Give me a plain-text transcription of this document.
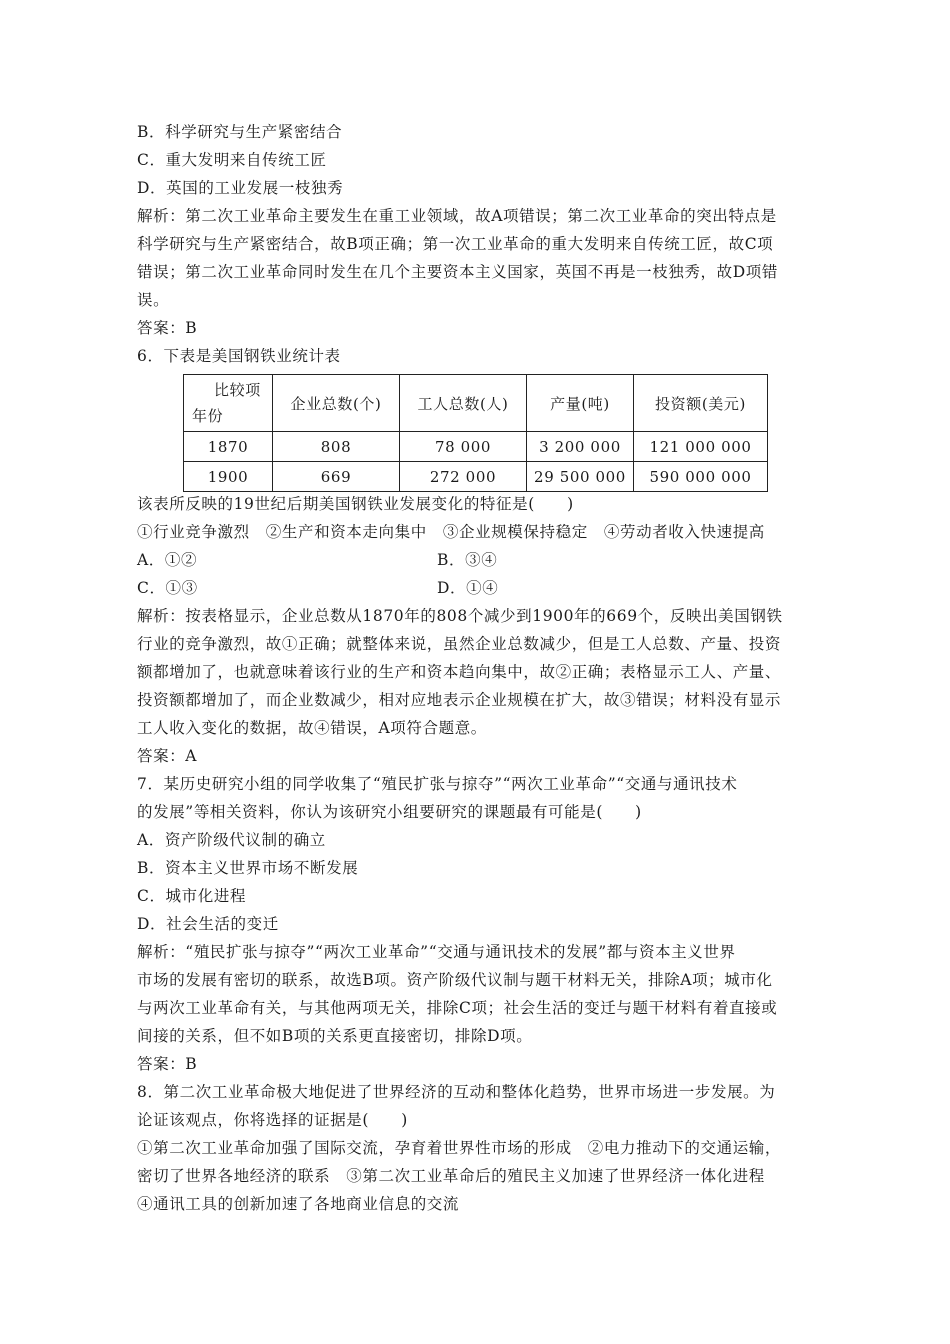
B．科学研究与生产紧密结合
C．重大发明来自传统工匠
D．英国的工业发展一枝独秀
解析：第二次工业革命主要发生在重工业领域，故A项错误；第二次工业革命的突出特点是
科学研究与生产紧密结合，故B项正确；第一次工业革命的重大发明来自传统工匠，故C项
错误；第二次工业革命同时发生在几个主要资本主义国家，英国不再是一枝独秀，故D项错
误。
答案：B
6．下表是美国钢铁业统计表
比较项
年份	企业总数(个)	工人总数(人)	产量(吨)	投资额(美元)
1870	808	78 000	3 200 000	121 000 000
1900	669	272 000	29 500 000	590 000 000
该表所反映的19世纪后期美国钢铁业发展变化的特征是(　　)
①行业竞争激烈　②生产和资本走向集中　③企业规模保持稳定　④劳动者收入快速提高
A．①②	B．③④
C．①③	D．①④
解析：按表格显示，企业总数从1870年的808个减少到1900年的669个，反映出美国钢铁
行业的竞争激烈，故①正确；就整体来说，虽然企业总数减少，但是工人总数、产量、投资
额都增加了，也就意味着该行业的生产和资本趋向集中，故②正确；表格显示工人、产量、
投资额都增加了，而企业数减少，相对应地表示企业规模在扩大，故③错误；材料没有显示
工人收入变化的数据，故④错误，A项符合题意。
答案：A
7．某历史研究小组的同学收集了“殖民扩张与掠夺”“两次工业革命”“交通与通讯技术
的发展”等相关资料，你认为该研究小组要研究的课题最有可能是(　　)
A．资产阶级代议制的确立
B．资本主义世界市场不断发展
C．城市化进程
D．社会生活的变迁
解析：“殖民扩张与掠夺”“两次工业革命”“交通与通讯技术的发展”都与资本主义世界
市场的发展有密切的联系，故选B项。资产阶级代议制与题干材料无关，排除A项；城市化
与两次工业革命有关，与其他两项无关，排除C项；社会生活的变迁与题干材料有着直接或
间接的关系，但不如B项的关系更直接密切，排除D项。
答案：B
8．第二次工业革命极大地促进了世界经济的互动和整体化趋势，世界市场进一步发展。为
论证该观点，你将选择的证据是(　　)
①第二次工业革命加强了国际交流，孕育着世界性市场的形成　②电力推动下的交通运输，
密切了世界各地经济的联系　③第二次工业革命后的殖民主义加速了世界经济一体化进程
④通讯工具的创新加速了各地商业信息的交流
